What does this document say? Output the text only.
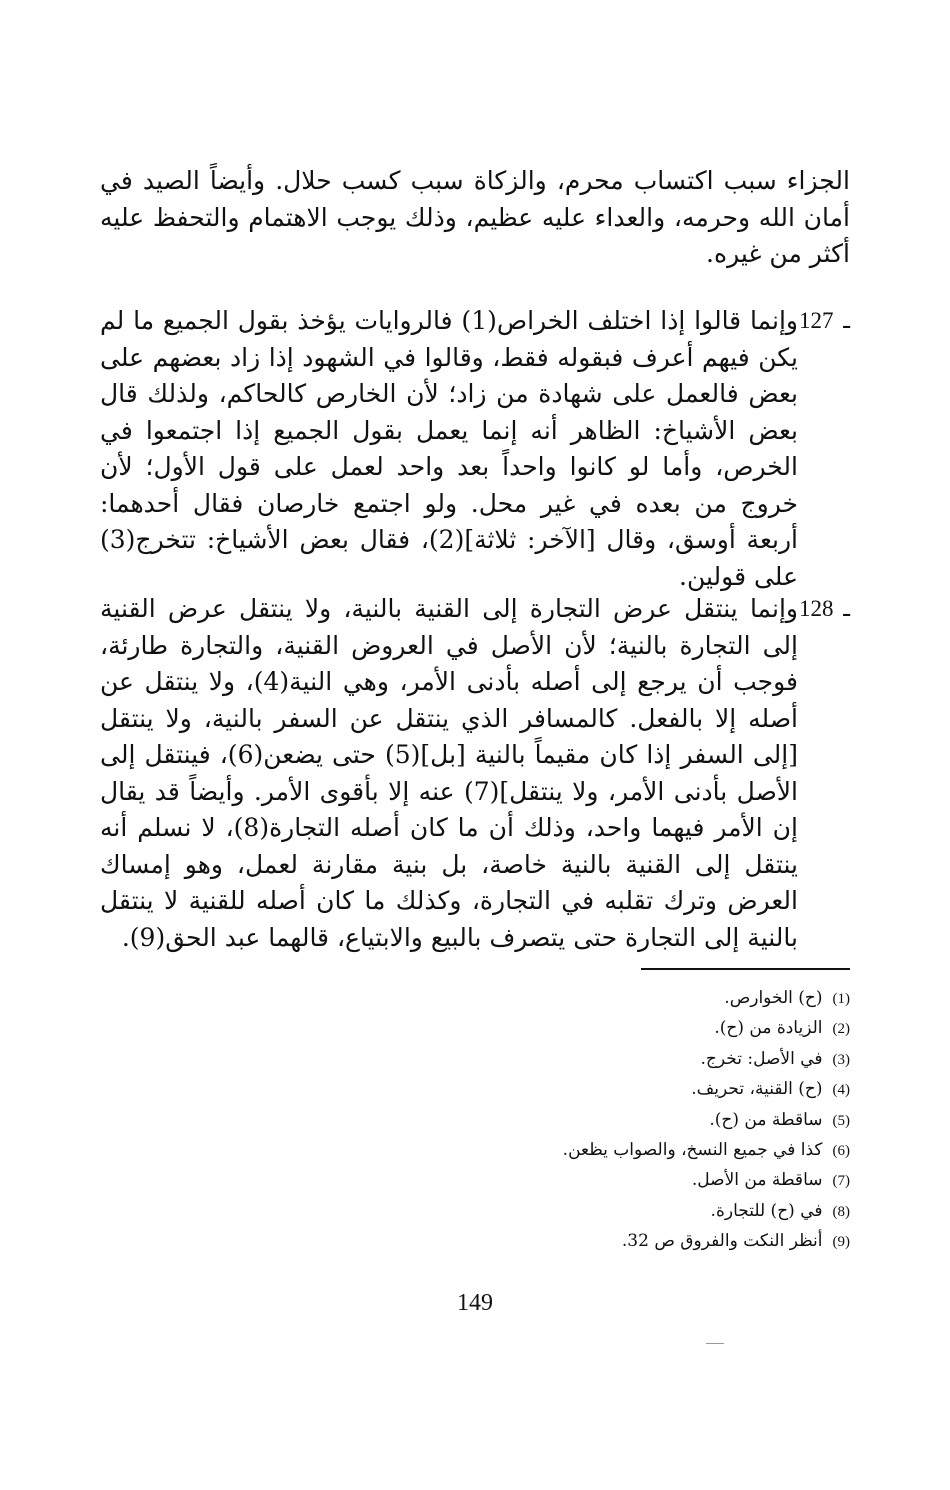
الجزاء سبب اكتساب محرم، والزكاة سبب كسب حلال. وأيضاً الصيد في أمان الله وحرمه، والعداء عليه عظيم، وذلك يوجب الاهتمام والتحفظ عليه أكثر من غيره.

127 ـ
وإنما قالوا إذا اختلف الخراص(1) فالروايات يؤخذ بقول الجميع ما لم يكن فيهم أعرف فبقوله فقط، وقالوا في الشهود إذا زاد بعضهم على بعض فالعمل على شهادة من زاد؛ لأن الخارص كالحاكم، ولذلك قال بعض الأشياخ: الظاهر أنه إنما يعمل بقول الجميع إذا اجتمعوا في الخرص، وأما لو كانوا واحداً بعد واحد لعمل على قول الأول؛ لأن خروج من بعده في غير محل. ولو اجتمع خارصان فقال أحدهما: أربعة أوسق، وقال [الآخر: ثلاثة](2)، فقال بعض الأشياخ: تتخرج(3) على قولين.
128 ـ
وإنما ينتقل عرض التجارة إلى القنية بالنية، ولا ينتقل عرض القنية إلى التجارة بالنية؛ لأن الأصل في العروض القنية، والتجارة طارئة، فوجب أن يرجع إلى أصله بأدنى الأمر، وهي النية(4)، ولا ينتقل عن أصله إلا بالفعل. كالمسافر الذي ينتقل عن السفر بالنية، ولا ينتقل [إلى السفر إذا كان مقيماً بالنية [بل](5) حتى يضعن(6)، فينتقل إلى الأصل بأدنى الأمر، ولا ينتقل](7) عنه إلا بأقوى الأمر. وأيضاً قد يقال إن الأمر فيهما واحد، وذلك أن ما كان أصله التجارة(8)، لا نسلم أنه ينتقل إلى القنية بالنية خاصة، بل بنية مقارنة لعمل، وهو إمساك العرض وترك تقلبه في التجارة، وكذلك ما كان أصله للقنية لا ينتقل بالنية إلى التجارة حتى يتصرف بالبيع والابتياع، قالهما عبد الحق(9).
(1)(ح) الخوارص.
(2)الزيادة من (ح).
(3)في الأصل: تخرج.
(4)(ح) القنية، تحريف.
(5)ساقطة من (ح).
(6)كذا في جميع النسخ، والصواب يظعن.
(7)ساقطة من الأصل.
(8)في (ح) للتجارة.
(9)أنظر النكت والفروق ص 32.
149
